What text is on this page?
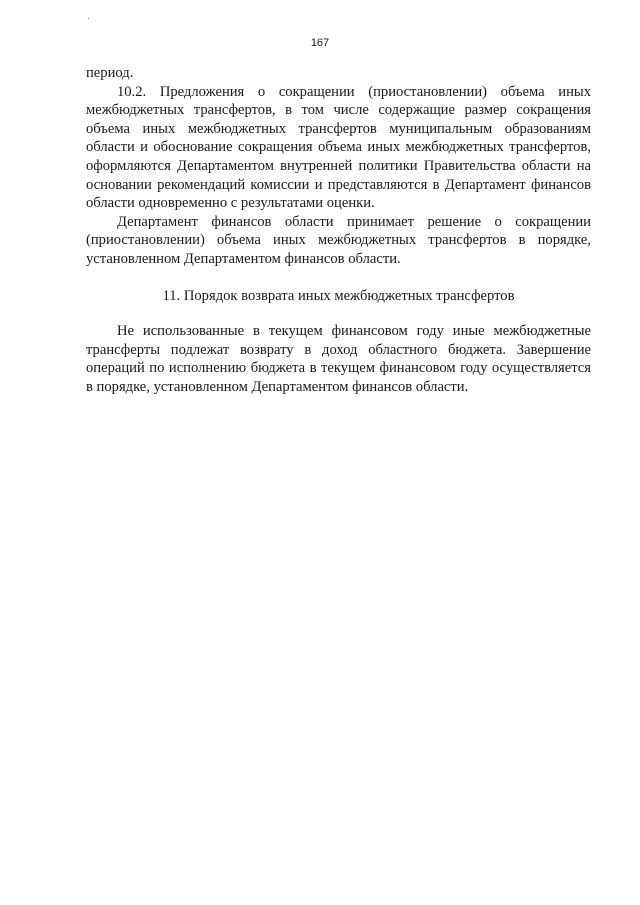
167

период.

10.2. Предложения о сокращении (приостановлении) объема иных межбюджетных трансфертов, в том числе содержащие размер сокращения объема иных межбюджетных трансфертов муниципальным образованиям области и обоснование сокращения объема иных межбюджетных трансфертов, оформляются Департаментом внутренней политики Правительства области на основании рекомендаций комиссии и представляются в Департамент финансов области одновременно с результатами оценки.

Департамент финансов области принимает решение о сокращении (приостановлении) объема иных межбюджетных трансфертов в порядке, установленном Департаментом финансов области.

11. Порядок возврата иных межбюджетных трансфертов

Не использованные в текущем финансовом году иные межбюджетные трансферты подлежат возврату в доход областного бюджета. Завершение операций по исполнению бюджета в текущем финансовом году осуществляется в порядке, установленном Департаментом финансов области.
